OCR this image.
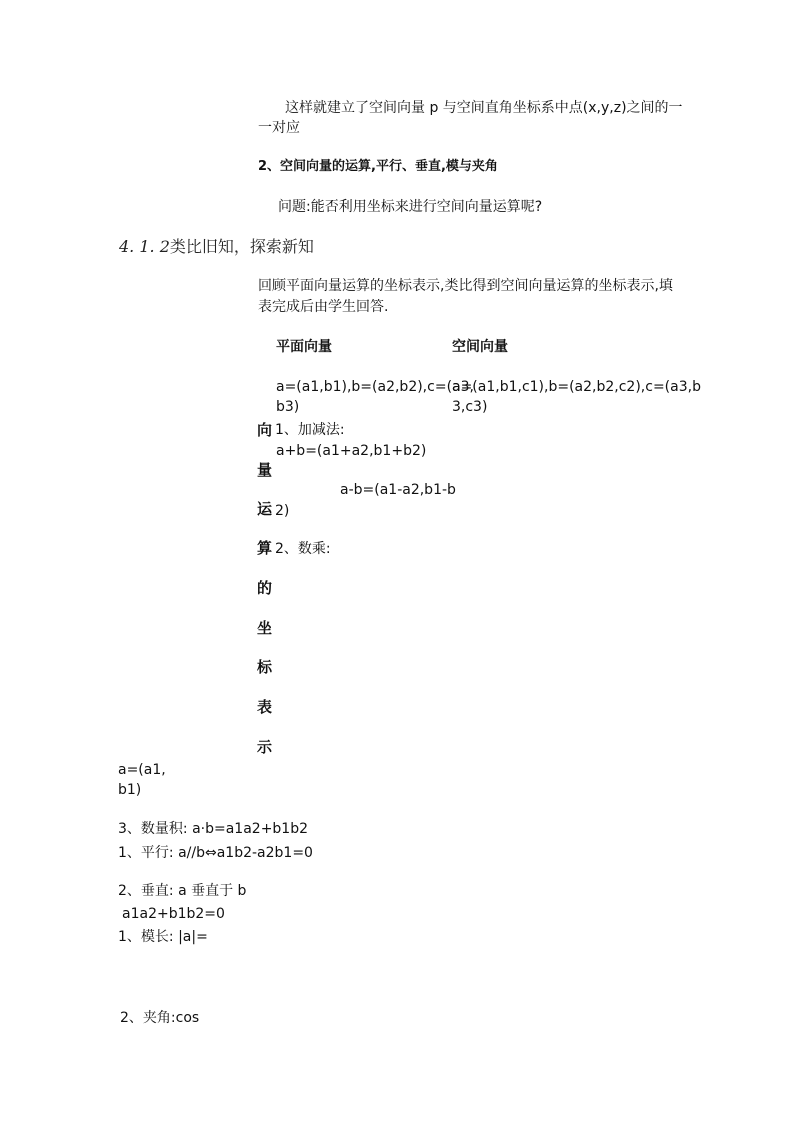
这样就建立了空间向量 p 与空间直角坐标系中点(x,y,z)之间的一
一对应
2、空间向量的运算,平行、垂直,模与夹角
问题:能否利用坐标来进行空间向量运算呢?
4. 1. 2类比旧知，探索新知
回顾平面向量运算的坐标表示,类比得到空间向量运算的坐标表示,填
表完成后由学生回答.
平面向量	空间向量
a=(a1,b1),b=(a2,b2),c=(a3,
b3)
a=(a1,b1,c1),b=(a2,b2,c2),c=(a3,b
3,c3)
向
量
运
算
的
坐
标
表
示
1、加减法:
a+b=(a1+a2,b1+b2)
a-b=(a1-a2,b1-b
2)
2、数乘:
a=(a1,
b1)
3、数量积: a·b=a1a2+b1b2
1、平行: a//b⇔a1b2-a2b1=0
2、垂直: a 垂直于 b
a1a2+b1b2=0
1、模长: |a|=
2、夹角:cos
